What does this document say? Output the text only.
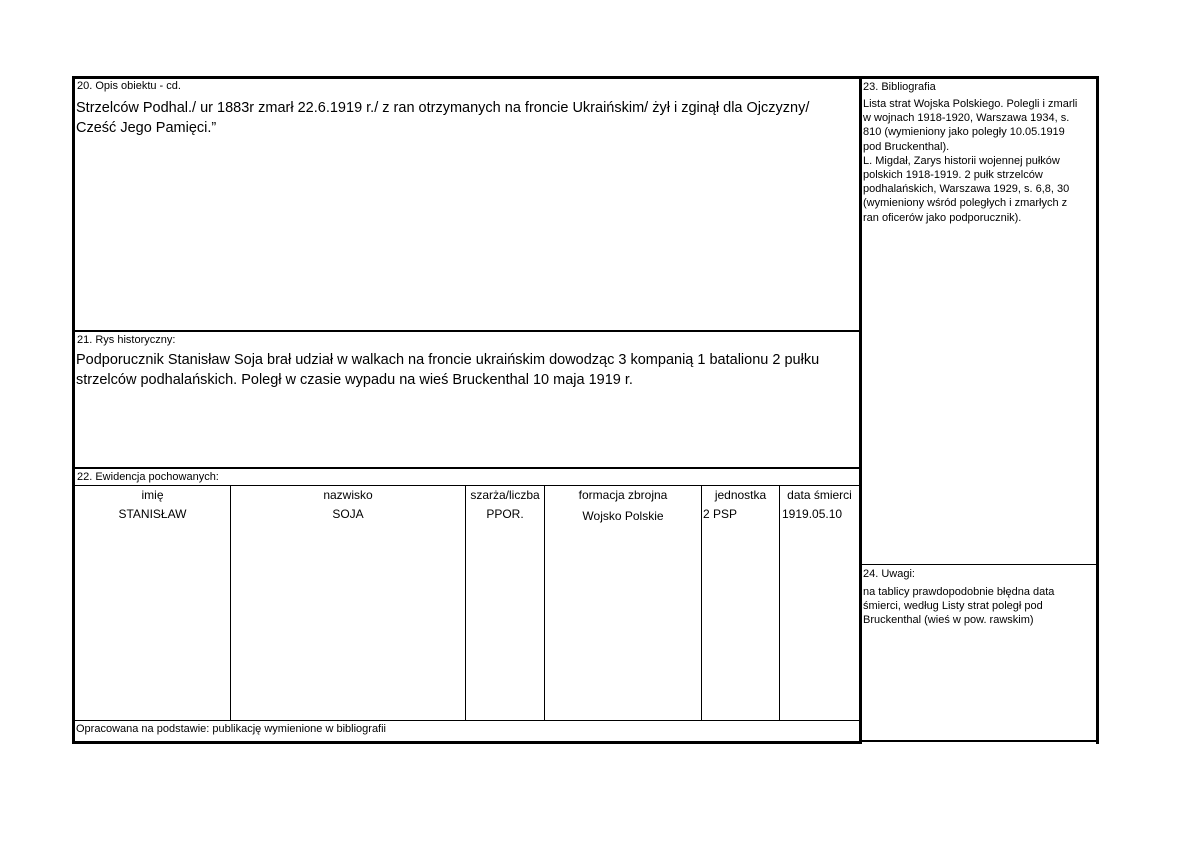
20. Opis obiektu - cd.
Strzelców Podhal./ ur 1883r zmarł 22.6.1919 r./ z ran otrzymanych na froncie Ukraińskim/ żył i zginął dla Ojczyzny/ Cześć Jego Pamięci.”
21. Rys historyczny:
Podporucznik Stanisław Soja brał udział w walkach na froncie ukraińskim dowodząc 3 kompanią 1 batalionu 2 pułku strzelców podhalańskich. Poległ w czasie wypadu na wieś Bruckenthal 10 maja 1919 r.
22. Ewidencja pochowanych:
imię	nazwisko	szarża/liczba	formacja zbrojna	jednostka	data śmierci
STANISŁAW	SOJA	PPOR.	Wojsko Polskie	2 PSP	1919.05.10
Opracowana na podstawie: publikację wymienione w bibliografii
23. Bibliografia
Lista strat Wojska Polskiego. Polegli i zmarli
w wojnach 1918-1920, Warszawa 1934, s.
810 (wymieniony jako poległy 10.05.1919
pod Bruckenthal).
L. Migdał, Zarys historii wojennej pułków
polskich 1918-1919. 2 pułk strzelców
podhalańskich, Warszawa 1929, s. 6,8, 30
(wymieniony wśród poległych i zmarłych z
ran oficerów jako podporucznik).
24. Uwagi:
na tablicy prawdopodobnie błędna data
śmierci, według Listy strat poległ pod
Bruckenthal (wieś w pow. rawskim)
